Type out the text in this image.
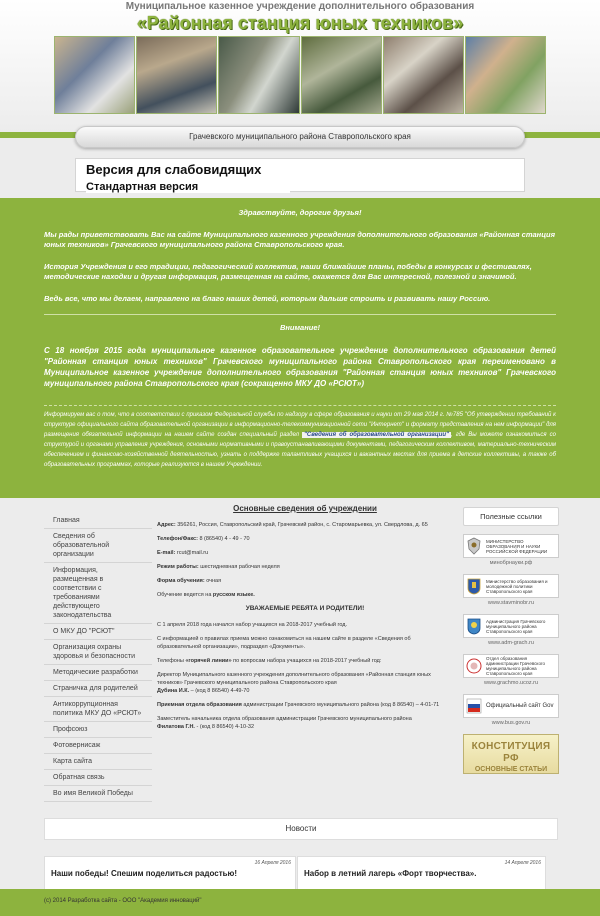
Муниципальное казенное учреждение дополнительного образования
«Районная станция юных техников»
Грачевского муниципального района Ставропольского края
Версия для слабовидящих
Стандартная версия

Здравствуйте, дорогие друзья!

Мы рады приветствовать Вас на сайте Муниципального казенного учреждения дополнительного образования «Районная станция юных техников» Грачевского муниципального района Ставропольского края.

История Учреждения и его традиции, педагогический коллектив, наши ближайшие планы, победы в конкурсах и фестивалях, методические находки и другая информация, размещенная на сайте, окажется для Вас интересной, полезной и значимой.

Ведь все, что мы делаем, направлено на благо наших детей, которым дальше строить и развивать нашу Россию.

Внимание!

С 18 ноября 2015 года муниципальное казенное образовательное учреждение дополнительного образования детей "Районная станция юных техников" Грачевского муниципального района Ставропольского края переименовано в Муниципальное казенное учреждение дополнительного образования "Районная станция юных техников" Грачевского муниципального района Ставропольского края (сокращенно МКУ ДО «РСЮТ»)

Информируем вас о том, что в соответствии с приказом Федеральной службы по надзору в сфере образования и науки от 29 мая 2014 г. №785 "Об утверждении требований к структуре официального сайта образовательной организации в информационно-телекоммуникационной сети "Интернет" и формату представления на нем информации" для размещения обязательной информации на нашем сайте создан специальный раздел "Сведения об образовательной организации" , где Вы можете ознакомиться со структурой и органами управления учреждения, основными нормативными и правоустанавливающими документами, педагогическим коллективом, материально-техническим обеспечением и финансово-хозяйственной деятельностью, узнать о поддержке талантливых учащихся и вакантных местах для приема в детские коллективы, а также об образовательных программах, которые реализуются в нашем Учреждении.

Главная
Сведения об образовательной организации
Информация, размещенная в соответствии с требованиями действующего законодательства
О МКУ ДО "РСЮТ"
Организация охраны здоровья и безопасности
Методические разработки
Страничка для родителей
Антикоррупционная политика МКУ ДО «РСЮТ»
Профсоюз
Фотовернисаж
Карта сайта
Обратная связь
Во имя Великой Победы
Основные сведения об учреждении

Адрес: 356261, Россия, Ставропольский край, Грачевский район, с. Старомарьевка, ул. Свердлова, д. 65

Телефон/Факс: 8 (86540) 4 - 49 - 70

E-mail: rcut@mail.ru

Режим работы: шестидневная рабочая неделя

Форма обучения: очная

Обучение ведется на русском языке.

УВАЖАЕМЫЕ РЕБЯТА И РОДИТЕЛИ!

С 1 апреля 2018 года начался набор учащихся на 2018-2017 учебный год.

С информацией о правилах приема можно ознакомиться на нашем сайте в разделе «Сведения об образовательной организации», подраздел «Документы».

Телефоны «горячей линии» по вопросам набора учащихся на 2018-2017 учебный год:

Директор Муниципального казенного учреждения дополнительного образования «Районная станция юных техников» Грачевского муниципального района Ставропольского края
Дубина И.К. – (код 8 86540) 4-49-70

Приемная отдела образования администрации Грачевского муниципального района (код 8 86540) – 4-01-71

Заместитель начальника отдела образования администрации Грачевского муниципального района
Филатова Г.Н. - (код 8 86540) 4-10-32

Полезные ссылки
МИНИСТЕРСТВО ОБРАЗОВАНИЯ И НАУКИ РОССИЙСКОЙ ФЕДЕРАЦИИ
минобрнауки.рф
Министерство образования и молодежной политики Ставропольского края
www.stavminobr.ru
Администрация Грачевского муниципального района Ставропольского края
www.adm-grach.ru
Отдел образования администрации Грачевского муниципального района Ставропольского края
www.grachmo.ucoz.ru
Официальный сайт Gov
www.bus.gov.ru
КОНСТИТУЦИЯ РФ
ОСНОВНЫЕ СТАТЬИ
Новости
16 Апреля 2016
Наши победы! Спешим поделиться радостью!
14 Апреля 2016
Набор в летний лагерь «Форт творчества».
(с) 2014 Разработка сайта - ООО "Академия инноваций"
